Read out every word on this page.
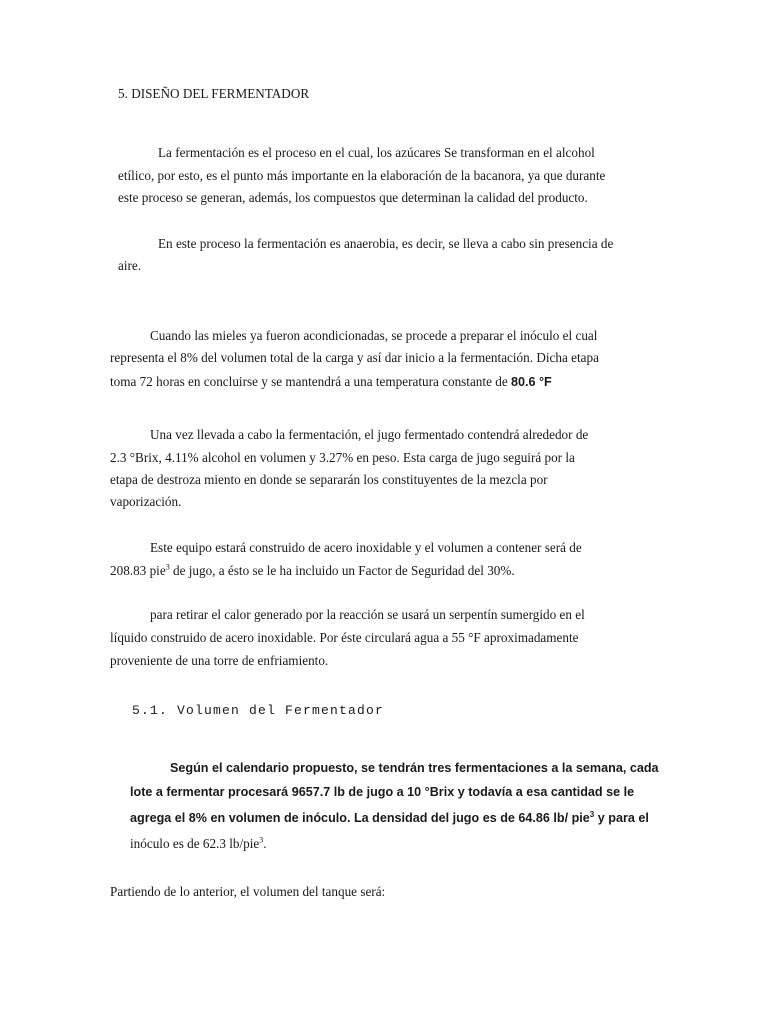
5. DISEÑO DEL FERMENTADOR
La fermentación es el proceso en el cual, los azúcares Se transforman en el alcohol
etílico, por esto, es el punto más importante en la elaboración de la bacanora, ya que durante
este proceso se generan, además, los compuestos que determinan la calidad del producto.
En este proceso la fermentación es anaerobia, es decir, se lleva a cabo sin presencia de
aire.
Cuando las mieles ya fueron acondicionadas, se procede a preparar el inóculo el cual
representa el 8% del volumen total de la carga y así dar inicio a la fermentación. Dicha etapa
toma 72 horas en concluirse y se mantendrá a una temperatura constante de 80.6 °F
Una vez llevada a cabo la fermentación, el jugo fermentado contendrá alrededor de
2.3 °Brix, 4.11% alcohol en volumen y 3.27% en peso. Esta carga de jugo seguirá por la
etapa de destroza miento en donde se separarán los constituyentes de la mezcla por
vaporización.
Este equipo estará construido de acero inoxidable y el volumen a contener será de
208.83 pie$^3$ de jugo, a ésto se le ha incluido un Factor de Seguridad del 30%.
para retirar el calor generado por la reacción se usará un serpentín sumergido en el
líquido construido de acero inoxidable. Por éste circulará agua a 55 °F aproximadamente
proveniente de una torre de enfriamiento.
5.1. Volumen del Fermentador
Según el calendario propuesto, se tendrán tres fermentaciones a la semana, cada
lote a fermentar procesará 9657.7 lb de jugo a 10 °Brix y todavía a esa cantidad se le
agrega el 8% en volumen de inóculo. La densidad del jugo es de 64.86 lb/ pie$^3$ y para el
inóculo es de 62.3 lb/pie$^3$.
Partiendo de lo anterior, el volumen del tanque será:
